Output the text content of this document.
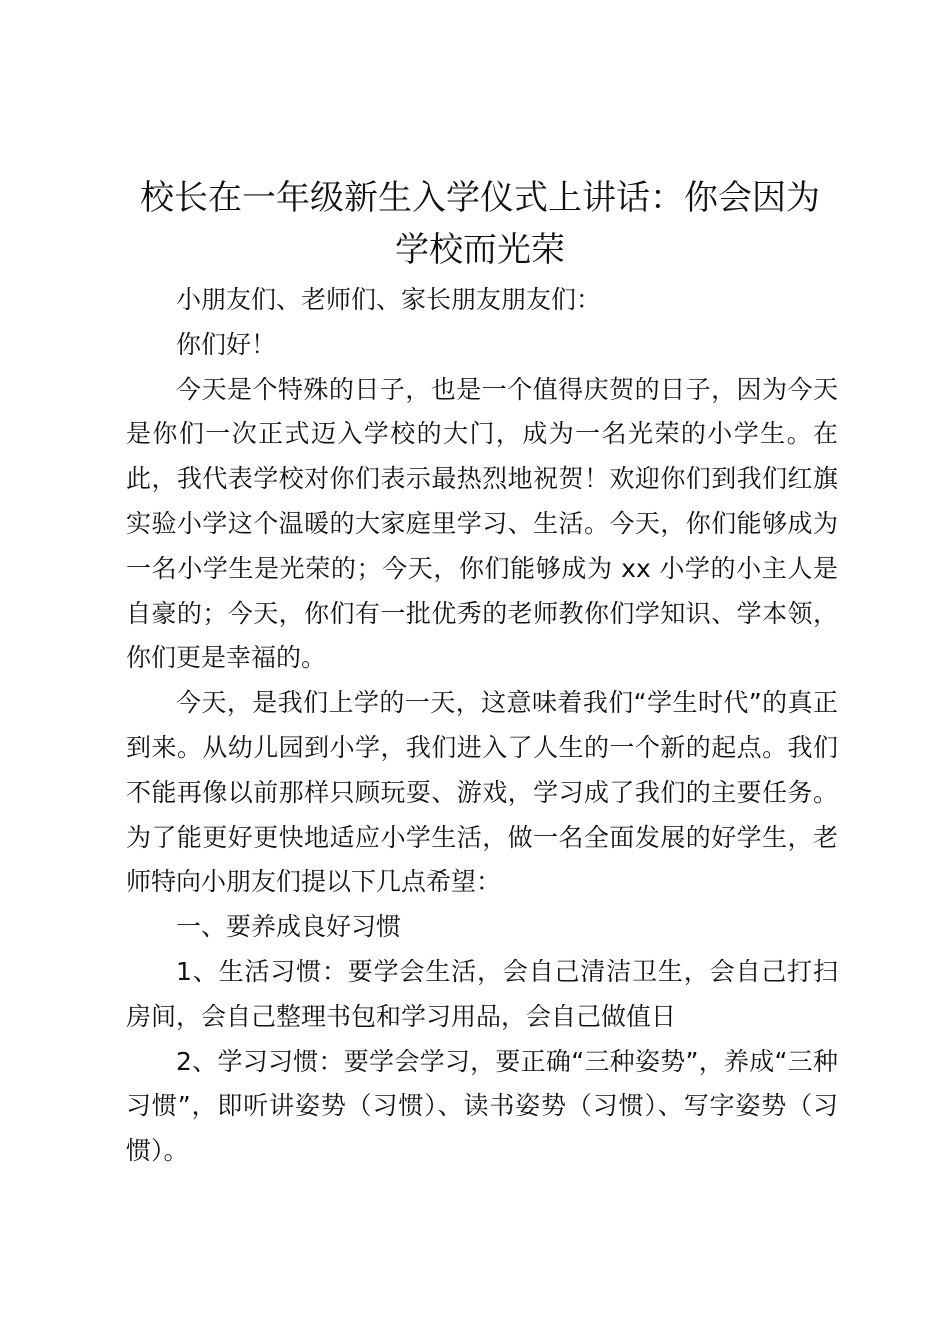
校长在一年级新生入学仪式上讲话：你会因为
学校而光荣

小朋友们、老师们、家长朋友朋友们：

你们好！

今天是个特殊的日子，也是一个值得庆贺的日子，因为今天是你们一次正式迈入学校的大门，成为一名光荣的小学生。在此，我代表学校对你们表示最热烈地祝贺！欢迎你们到我们红旗实验小学这个温暖的大家庭里学习、生活。今天，你们能够成为一名小学生是光荣的；今天，你们能够成为 xx 小学的小主人是自豪的；今天，你们有一批优秀的老师教你们学知识、学本领，你们更是幸福的。

今天，是我们上学的一天，这意味着我们“学生时代”的真正到来。从幼儿园到小学，我们进入了人生的一个新的起点。我们不能再像以前那样只顾玩耍、游戏，学习成了我们的主要任务。为了能更好更快地适应小学生活，做一名全面发展的好学生，老师特向小朋友们提以下几点希望：

一、要养成良好习惯

1、生活习惯：要学会生活，会自己清洁卫生，会自己打扫房间，会自己整理书包和学习用品，会自己做值日

2、学习习惯：要学会学习，要正确“三种姿势”，养成“三种习惯”，即听讲姿势（习惯）、读书姿势（习惯）、写字姿势（习惯）。
